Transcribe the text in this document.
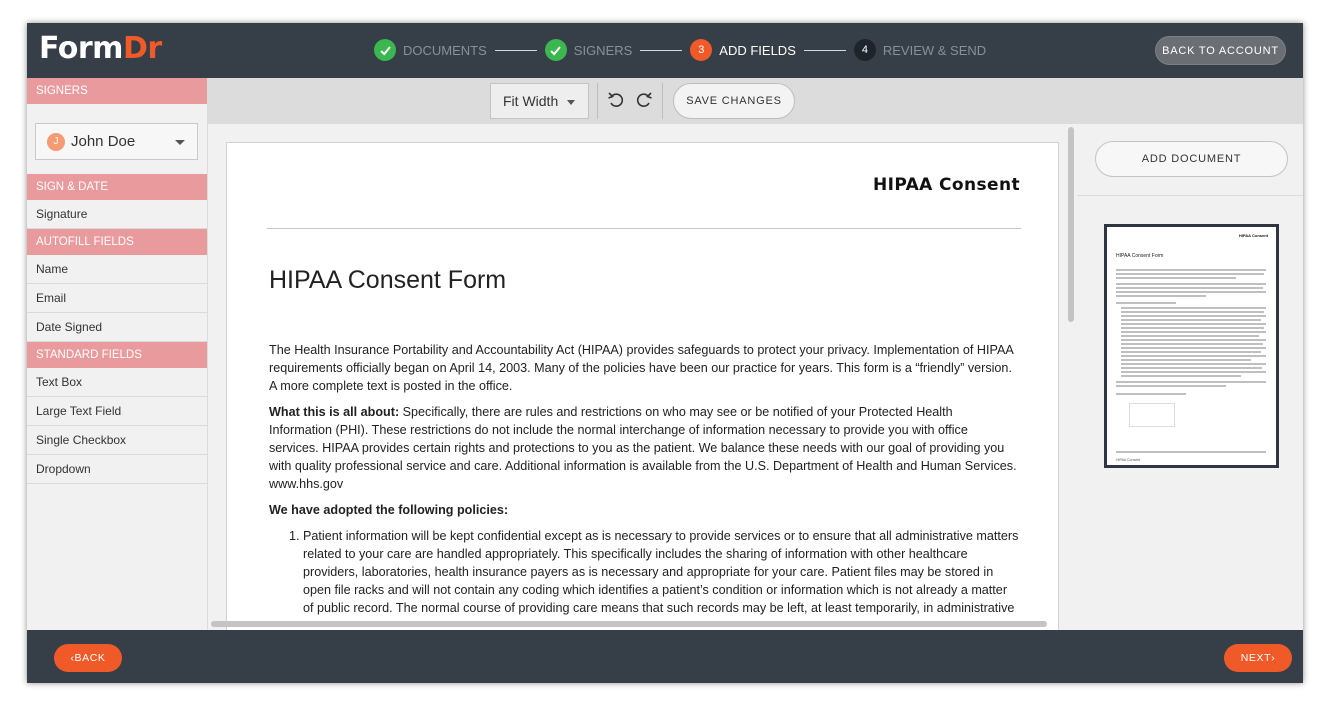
FormDr	DOCUMENTS	SIGNERS	3	ADD FIELDS	4	REVIEW & SEND	BACK TO ACCOUNT
SIGNERS
J John Doe
SIGN & DATE
Signature
AUTOFILL FIELDS
Name
Email
Date Signed
STANDARD FIELDS
Text Box
Large Text Field
Single Checkbox
Dropdown
Fit Width	SAVE CHANGES
HIPAA Consent
HIPAA Consent Form

The Health Insurance Portability and Accountability Act (HIPAA) provides safeguards to protect your privacy. Implementation of HIPAA requirements officially began on April 14, 2003. Many of the policies have been our practice for years. This form is a “friendly” version. A more complete text is posted in the office.

What this is all about: Specifically, there are rules and restrictions on who may see or be notified of your Protected Health Information (PHI). These restrictions do not include the normal interchange of information necessary to provide you with office services. HIPAA provides certain rights and protections to you as the patient. We balance these needs with our goal of providing you with quality professional service and care. Additional information is available from the U.S. Department of Health and Human Services. www.hhs.gov

We have adopted the following policies:

1. Patient information will be kept confidential except as is necessary to provide services or to ensure that all administrative matters related to your care are handled appropriately. This specifically includes the sharing of information with other healthcare providers, laboratories, health insurance payers as is necessary and appropriate for your care. Patient files may be stored in open file racks and will not contain any coding which identifies a patient’s condition or information which is not already a matter of public record. The normal course of providing care means that such records may be left, at least temporarily, in administrative
ADD DOCUMENT
HIPAA Consent
HIPAA Consent Form
HIPAA Consent
‹ BACK	NEXT ›
